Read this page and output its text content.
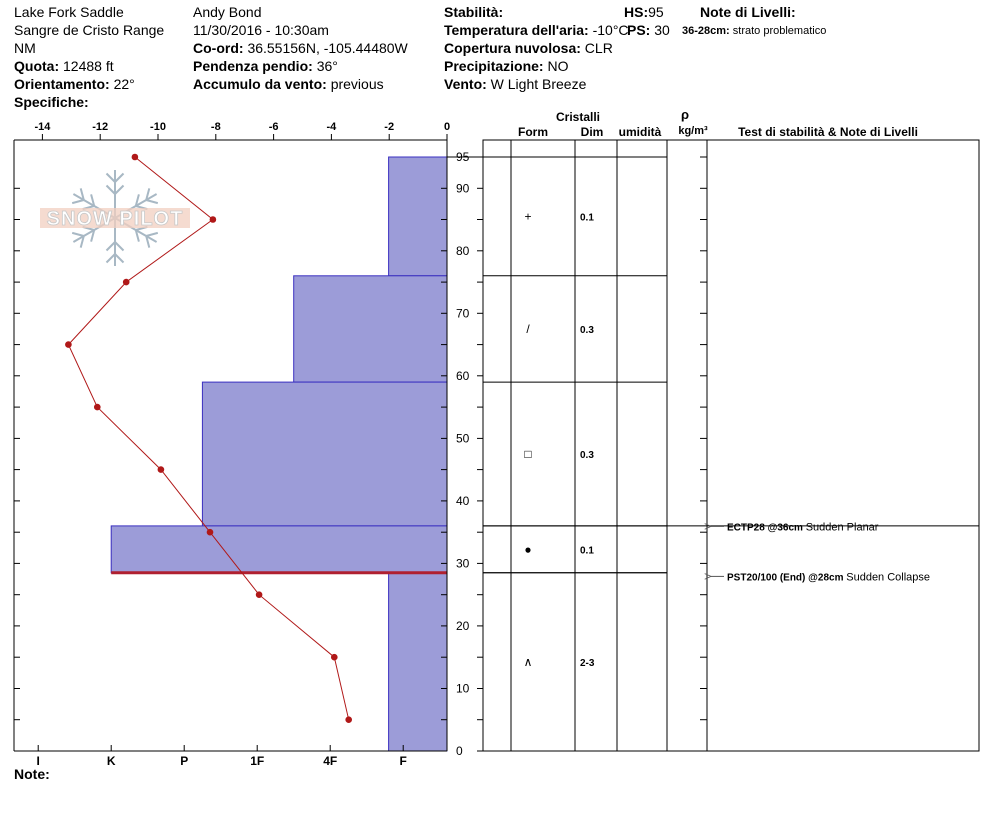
Lake Fork Saddle
Sangre de Cristo Range
NM
Quota: 12488 ft
Orientamento: 22°
Specifiche:
Andy Bond
11/30/2016 - 10:30am
Co-ord: 36.55156N, -105.44480W
Pendenza pendio: 36°
Accumulo da vento: previous
Stabilità:
Temperatura dell'aria: -10°C
Copertura nuvolosa: CLR
Precipitazione: NO
Vento: W Light Breeze
HS:95
PS: 30
Note di Livelli:
36-28cm: strato problematico
Note:
SNOW PILOT
-14	-12	-10	-8	-6	-4	-2	0
0
10
20
30
40
50
60
70
80
90
95
I	K	P	1F	4F	F
Cristalli
Form	Dim umidità
ρ
kg/m³	Test di stabilità & Note di Livelli
+	0.1
/	0.3
□	0.3
●	0.1
∧	2-3
ECTP28 @36cm Sudden Planar
PST20/100 (End) @28cm Sudden Collapse
